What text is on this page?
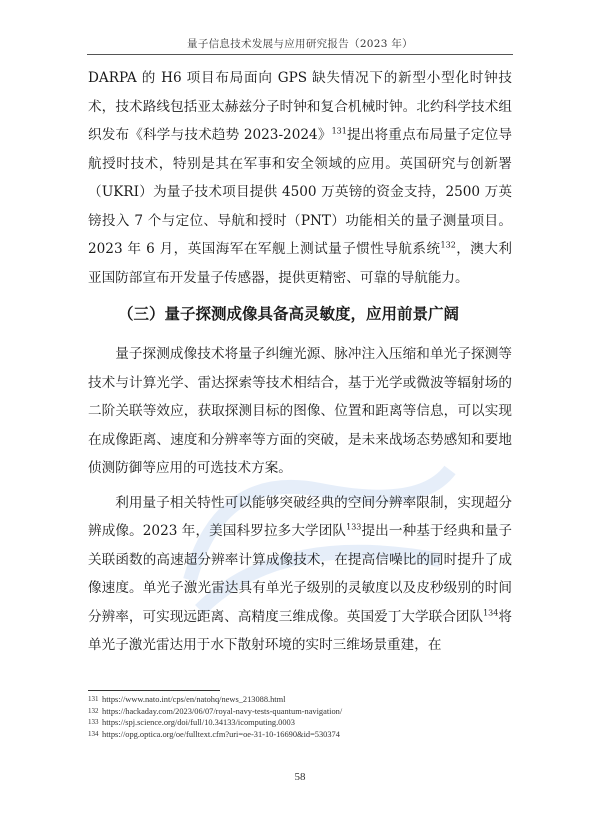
量子信息技术发展与应用研究报告（2023 年）

DARPA 的 H6 项目布局面向 GPS 缺失情况下的新型小型化时钟技术，技术路线包括亚太赫兹分子时钟和复合机械时钟。北约科学技术组织发布《科学与技术趋势 2023-2024》$^{131}$提出将重点布局量子定位导航授时技术，特别是其在军事和安全领域的应用。英国研究与创新署（UKRI）为量子技术项目提供 4500 万英镑的资金支持，2500 万英镑投入 7 个与定位、导航和授时（PNT）功能相关的量子测量项目。2023 年 6 月，英国海军在军舰上测试量子惯性导航系统$^{132}$，澳大利亚国防部宣布开发量子传感器，提供更精密、可靠的导航能力。

（三）量子探测成像具备高灵敏度，应用前景广阔

量子探测成像技术将量子纠缠光源、脉冲注入压缩和单光子探测等技术与计算光学、雷达探索等技术相结合，基于光学或微波等辐射场的二阶关联等效应，获取探测目标的图像、位置和距离等信息，可以实现在成像距离、速度和分辨率等方面的突破，是未来战场态势感知和要地侦测防御等应用的可选技术方案。

利用量子相关特性可以能够突破经典的空间分辨率限制，实现超分辨成像。2023 年，美国科罗拉多大学团队$^{133}$提出一种基于经典和量子关联函数的高速超分辨率计算成像技术，在提高信噪比的同时提升了成像速度。单光子激光雷达具有单光子级别的灵敏度以及皮秒级别的时间分辨率，可实现远距离、高精度三维成像。英国爱丁大学联合团队$^{134}$将单光子激光雷达用于水下散射环境的实时三维场景重建，在

131 https://www.nato.int/cps/en/natohq/news_213088.html
132 https://hackaday.com/2023/06/07/royal-navy-tests-quantum-navigation/
133 https://spj.science.org/doi/full/10.34133/icomputing.0003
134 https://opg.optica.org/oe/fulltext.cfm?uri=oe-31-10-16690&id=530374
58
